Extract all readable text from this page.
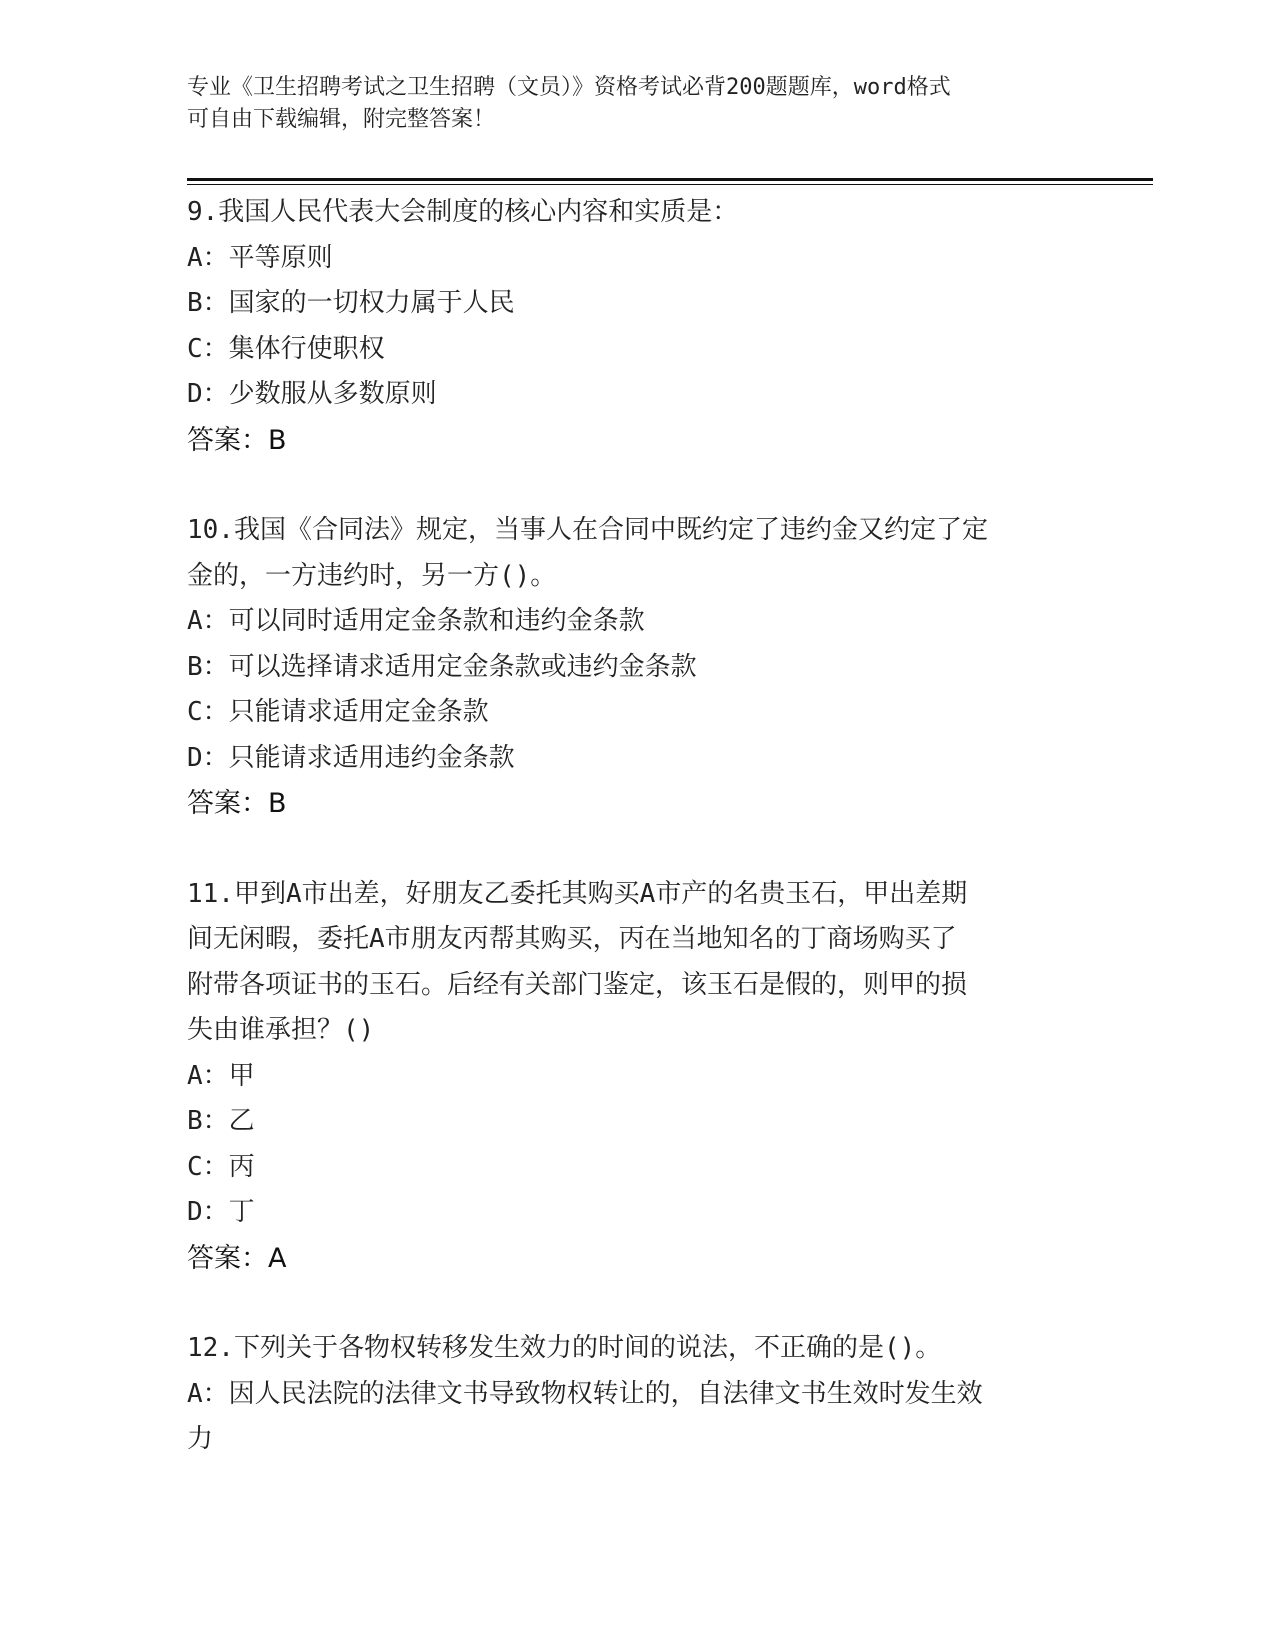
专业《卫生招聘考试之卫生招聘（文员）》资格考试必背200题题库，word格式
可自由下载编辑，附完整答案！
9.我国人民代表大会制度的核心内容和实质是：
A：平等原则
B：国家的一切权力属于人民
C：集体行使职权
D：少数服从多数原则
答案：B
10.我国《合同法》规定，当事人在合同中既约定了违约金又约定了定
金的，一方违约时，另一方()。
A：可以同时适用定金条款和违约金条款
B：可以选择请求适用定金条款或违约金条款
C：只能请求适用定金条款
D：只能请求适用违约金条款
答案：B
11.甲到A市出差，好朋友乙委托其购买A市产的名贵玉石，甲出差期
间无闲暇，委托A市朋友丙帮其购买，丙在当地知名的丁商场购买了
附带各项证书的玉石。后经有关部门鉴定，该玉石是假的，则甲的损
失由谁承担？()
A：甲
B：乙
C：丙
D：丁
答案：A
12.下列关于各物权转移发生效力的时间的说法，不正确的是()。
A：因人民法院的法律文书导致物权转让的，自法律文书生效时发生效
力
